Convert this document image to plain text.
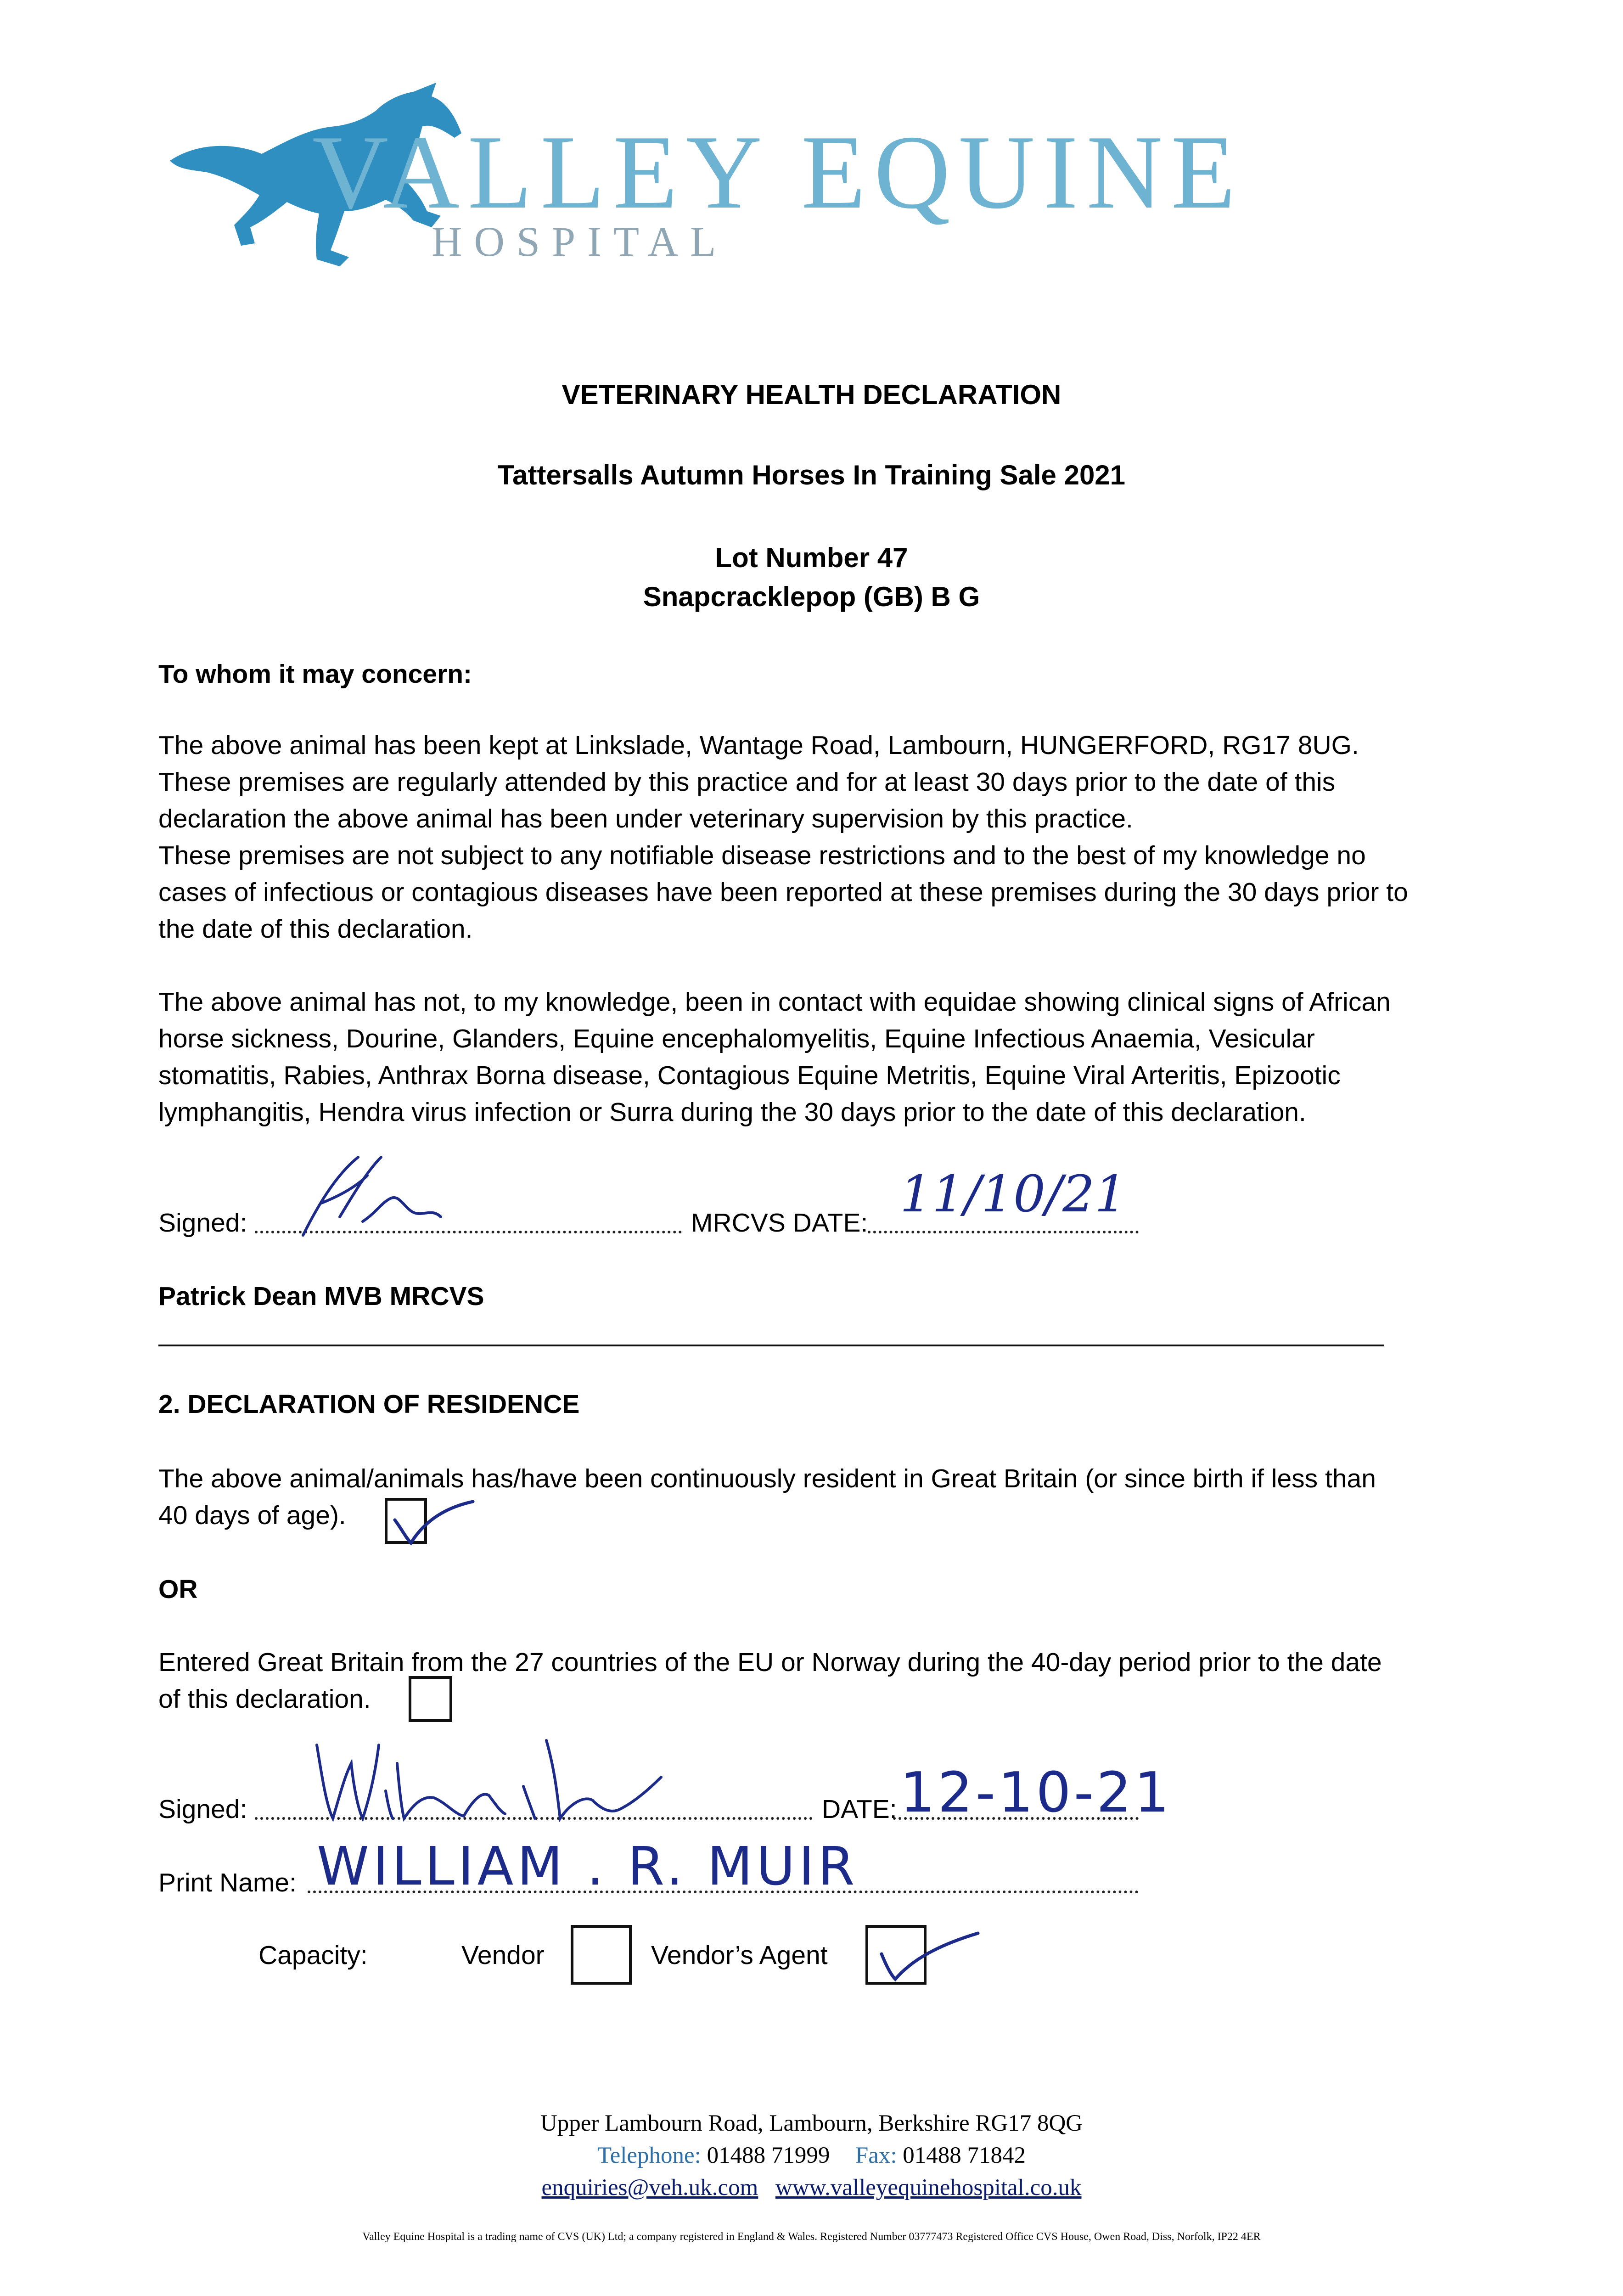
VALLEY EQUINE
HOSPITAL
VETERINARY HEALTH DECLARATION
Tattersalls Autumn Horses In Training Sale 2021
Lot Number 47
Snapcracklepop (GB) B G
To whom it may concern:
The above animal has been kept at Linkslade, Wantage Road, Lambourn, HUNGERFORD, RG17 8UG.
These premises are regularly attended by this practice and for at least 30 days prior to the date of this
declaration the above animal has been under veterinary supervision by this practice.
These premises are not subject to any notifiable disease restrictions and to the best of my knowledge no
cases of infectious or contagious diseases have been reported at these premises during the 30 days prior to
the date of this declaration.
The above animal has not, to my knowledge, been in contact with equidae showing clinical signs of African
horse sickness, Dourine, Glanders, Equine encephalomyelitis, Equine Infectious Anaemia, Vesicular
stomatitis, Rabies, Anthrax Borna disease, Contagious Equine Metritis, Equine Viral Arteritis, Epizootic
lymphangitis, Hendra virus infection or Surra during the 30 days prior to the date of this declaration.
Signed:	MRCVS DATE: 11/10/21
Patrick Dean MVB MRCVS
2. DECLARATION OF RESIDENCE
The above animal/animals has/have been continuously resident in Great Britain (or since birth if less than
40 days of age).
OR
Entered Great Britain from the 27 countries of the EU or Norway during the 40-day period prior to the date
of this declaration.
Signed:	DATE: 12-10-21
Print Name: WILLIAM . R. MUIR
Capacity:	Vendor	Vendor’s Agent
Upper Lambourn Road, Lambourn, Berkshire RG17 8QG
Telephone: 01488 71999 Fax: 01488 71842
enquiries@veh.uk.com www.valleyequinehospital.co.uk
Valley Equine Hospital is a trading name of CVS (UK) Ltd; a company registered in England & Wales. Registered Number 03777473 Registered Office CVS House, Owen Road, Diss, Norfolk, IP22 4ER
